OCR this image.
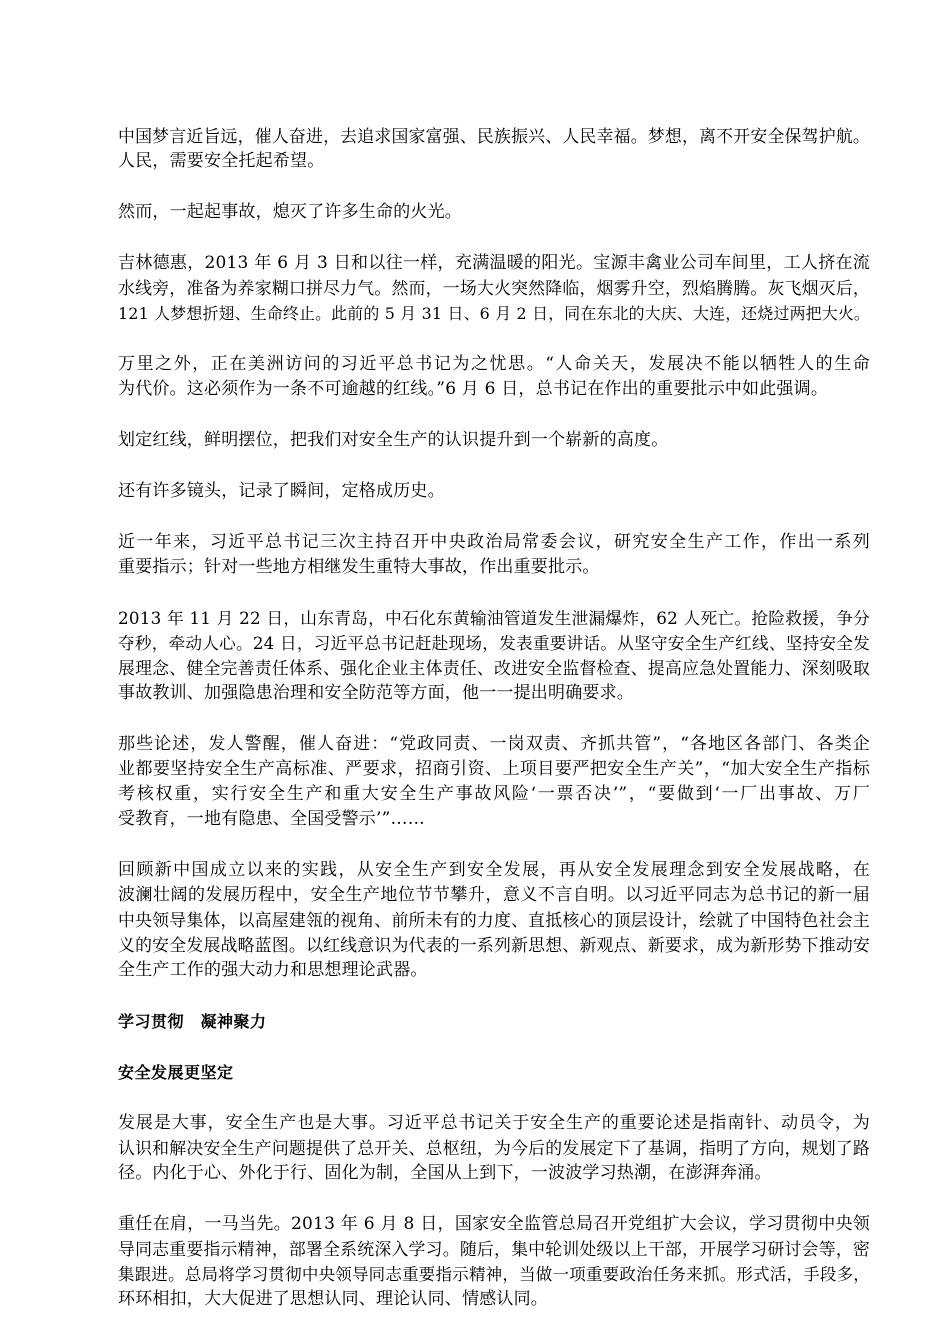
中国梦言近旨远，催人奋进，去追求国家富强、民族振兴、人民幸福。梦想，离不开安全保驾护航。
人民，需要安全托起希望。
然而，一起起事故，熄灭了许多生命的火光。
吉林德惠，2013 年 6 月 3 日和以往一样，充满温暖的阳光。宝源丰禽业公司车间里，工人挤在流
水线旁，准备为养家糊口拼尽力气。然而，一场大火突然降临，烟雾升空，烈焰腾腾。灰飞烟灭后，
121 人梦想折翅、生命终止。此前的 5 月 31 日、6 月 2 日，同在东北的大庆、大连，还烧过两把大火。
万里之外，正在美洲访问的习近平总书记为之忧思。“人命关天，发展决不能以牺牲人的生命
为代价。这必须作为一条不可逾越的红线。”6 月 6 日，总书记在作出的重要批示中如此强调。
划定红线，鲜明摆位，把我们对安全生产的认识提升到一个崭新的高度。
还有许多镜头，记录了瞬间，定格成历史。
近一年来，习近平总书记三次主持召开中央政治局常委会议，研究安全生产工作，作出一系列
重要指示；针对一些地方相继发生重特大事故，作出重要批示。
2013 年 11 月 22 日，山东青岛，中石化东黄输油管道发生泄漏爆炸，62 人死亡。抢险救援，争分
夺秒，牵动人心。24 日，习近平总书记赶赴现场，发表重要讲话。从坚守安全生产红线、坚持安全发
展理念、健全完善责任体系、强化企业主体责任、改进安全监督检查、提高应急处置能力、深刻吸取
事故教训、加强隐患治理和安全防范等方面，他一一提出明确要求。
那些论述，发人警醒，催人奋进：“党政同责、一岗双责、齐抓共管”，“各地区各部门、各类企
业都要坚持安全生产高标准、严要求，招商引资、上项目要严把安全生产关”，“加大安全生产指标
考核权重，实行安全生产和重大安全生产事故风险‘一票否决’”，“要做到‘一厂出事故、万厂
受教育，一地有隐患、全国受警示’”……
回顾新中国成立以来的实践，从安全生产到安全发展，再从安全发展理念到安全发展战略，在
波澜壮阔的发展历程中，安全生产地位节节攀升，意义不言自明。以习近平同志为总书记的新一届
中央领导集体，以高屋建瓴的视角、前所未有的力度、直抵核心的顶层设计，绘就了中国特色社会主
义的安全发展战略蓝图。以红线意识为代表的一系列新思想、新观点、新要求，成为新形势下推动安
全生产工作的强大动力和思想理论武器。
学习贯彻　凝神聚力
安全发展更坚定
发展是大事，安全生产也是大事。习近平总书记关于安全生产的重要论述是指南针、动员令，为
认识和解决安全生产问题提供了总开关、总枢纽，为今后的发展定下了基调，指明了方向，规划了路
径。内化于心、外化于行、固化为制，全国从上到下，一波波学习热潮，在澎湃奔涌。
重任在肩，一马当先。2013 年 6 月 8 日，国家安全监管总局召开党组扩大会议，学习贯彻中央领
导同志重要指示精神，部署全系统深入学习。随后，集中轮训处级以上干部，开展学习研讨会等，密
集跟进。总局将学习贯彻中央领导同志重要指示精神，当做一项重要政治任务来抓。形式活，手段多，
环环相扣，大大促进了思想认同、理论认同、情感认同。
